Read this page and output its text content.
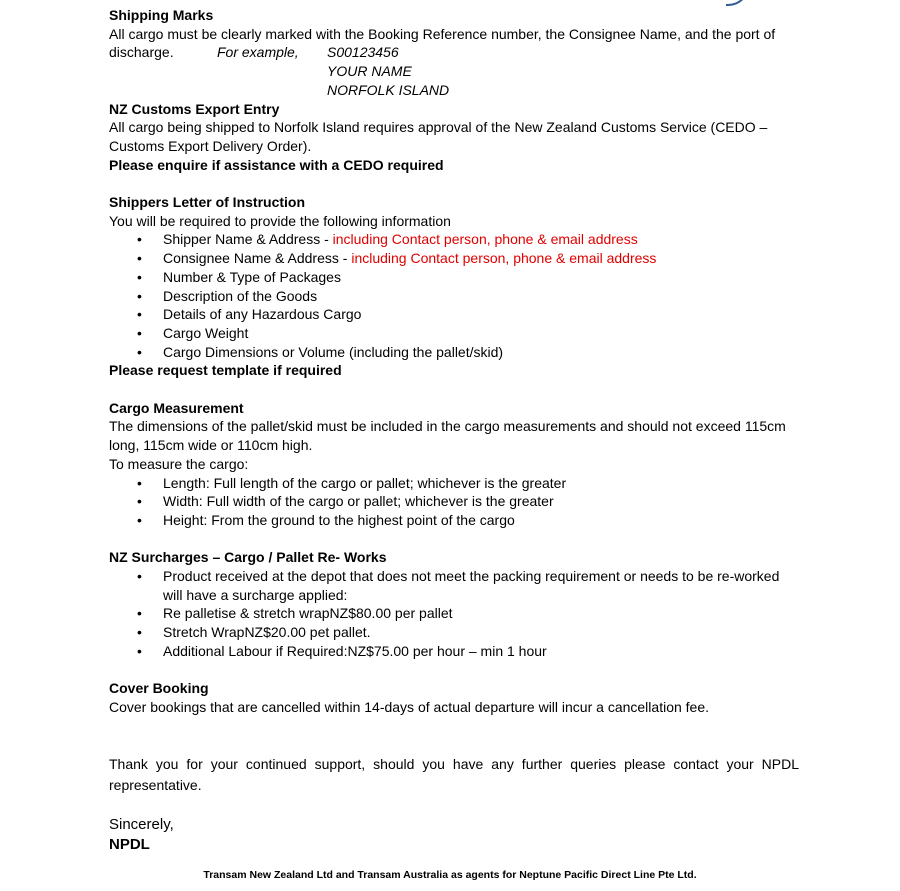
Shipping Marks
All cargo must be clearly marked with the Booking Reference number, the Consignee Name, and the port of
discharge.	For example,	S00123456
YOUR NAME
NORFOLK ISLAND
NZ Customs Export Entry
All cargo being shipped to Norfolk Island requires approval of the New Zealand Customs Service (CEDO –
Customs Export Delivery Order).
Please enquire if assistance with a CEDO required
Shippers Letter of Instruction
You will be required to provide the following information
• Shipper Name & Address - including Contact person, phone & email address
• Consignee Name & Address - including Contact person, phone & email address
• Number & Type of Packages
• Description of the Goods
• Details of any Hazardous Cargo
• Cargo Weight
• Cargo Dimensions or Volume (including the pallet/skid)
Please request template if required
Cargo Measurement
The dimensions of the pallet/skid must be included in the cargo measurements and should not exceed 115cm
long, 115cm wide or 110cm high.
To measure the cargo:
• Length: Full length of the cargo or pallet; whichever is the greater
• Width: Full width of the cargo or pallet; whichever is the greater
• Height: From the ground to the highest point of the cargo
NZ Surcharges – Cargo / Pallet Re- Works
• Product received at the depot that does not meet the packing requirement or needs to be re-worked
will have a surcharge applied:
• Re palletise & stretch wrapNZ$80.00 per pallet
• Stretch WrapNZ$20.00 pet pallet.
• Additional Labour if Required:NZ$75.00 per hour – min 1 hour
Cover Booking
Cover bookings that are cancelled within 14-days of actual departure will incur a cancellation fee.
Thank you for your continued support, should you have any further queries please contact your NPDL
representative.
Sincerely,
NPDL
Transam New Zealand Ltd and Transam Australia as agents for Neptune Pacific Direct Line Pte Ltd.
